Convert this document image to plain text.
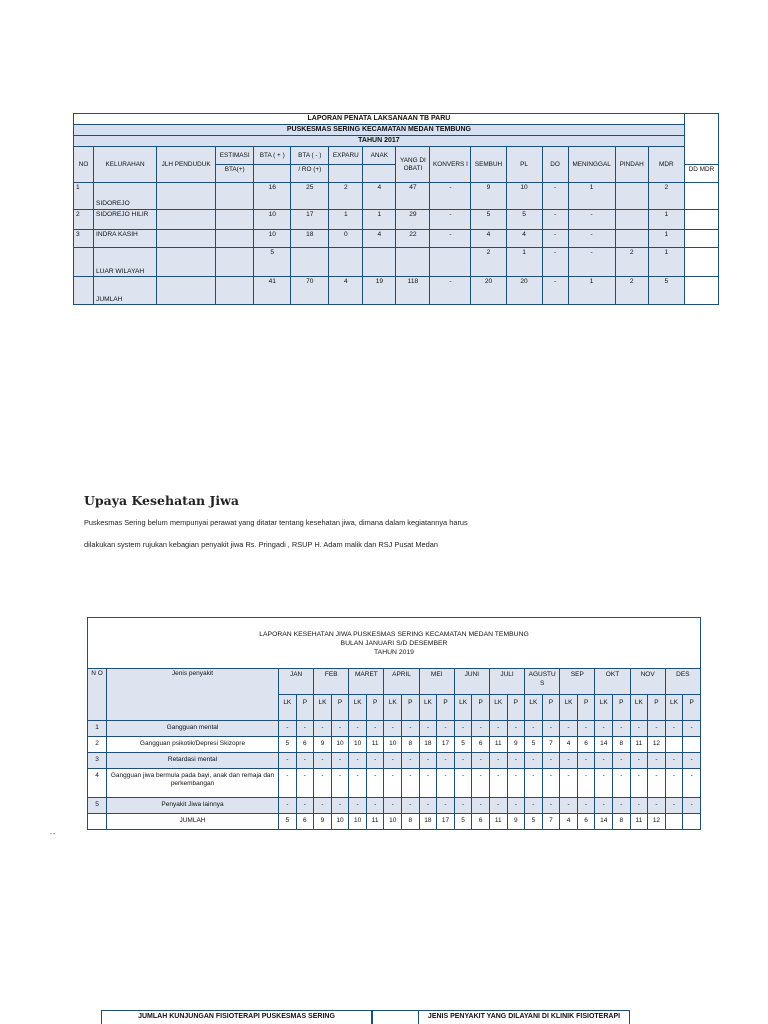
LAPORAN PENATA LAKSANAAN TB PARU																
PUSKESMAS SERING KECAMATAN MEDAN TEMBUNG																
TAHUN 2017																
NO	KELURAHAN	JLH PENDUDUK	ESTIMASI	BTA ( + )	BTA ( - )	EXPARU	ANAK	YANG DI OBATI	KONVERS I	SEMBUH	PL	DO	MENINGGAL	PINDAH	MDR	
			BTA(+)		/ RO (+)											DD MDR
1	SIDOREJO			16	25	2	4	47	-	9	10	-	1		2	
2	SIDOREJO HILIR			10	17	1	1	29	-	5	5	-	-		1	
3	INDRA KASIH			10	18	0	4	22	-	4	4	-	-		1	
	LUAR WILAYAH			5						2	1	-	-	2	1	
	JUMLAH			41	70	4	19	118	-	20	20	-	1	2	5	
Upaya Kesehatan Jiwa
Puskesmas Sering belum mempunyai perawat yang ditatar tentang kesehatan jiwa, dimana dalam kegiatannya harus
dilakukan system rujukan kebagian penyakit jiwa Rs. Pringadi , RSUP H. Adam malik dan RSJ Pusat Medan
LAPORAN KESEHATAN JIWA PUSKESMAS SERING KECAMATAN MEDAN TEMBUNG
BULAN JANUARI S/D DESEMBER
TAHUN 2019																									

N O	Jenis penyakit	JAN		FEB		MARET		APRIL		MEI		JUNI		JULI		AGUSTU S		SEP		OKT		NOV		DES	
		LK	P	LK	P	LK	P	LK	P	LK	P	LK	P	LK	P	LK	P	LK	P	LK	P	LK	P	LK	P
1	Gangguan mental	-	-	-	-	-	-	-	-	-	-	-	-	-	-	-	-	-	-	-	-	-	-	-	-
2	Gangguan psikotik/Depresi Skizopre	5	6	9	10	10	11	10	8	18	17	5	6	11	9	5	7	4	6	14	8	11	12		
3	Retardasi mental	-	-	-	-	-	-	-	-	-	-	-	-	-	-	-	-	-	-	-	-	-	-	-	-
4	Gangguan jiwa bermula pada bayi, anak dan remaja dan perkembangan	-	-	-	-	-	-	-	-	-	-	-	-	-	-	-	-	-	-	-	-	-	-	-	-
5	Penyakit Jiwa lainnya	-	-	-	-	-	-	-	-	-	-	-	-	-	-	-	-	-	-	-	-	-	-	-	-
	JUMLAH	5	6	9	10	10	11	10	8	18	17	5	6	11	9	5	7	4	6	14	8	11	12		
" "
JUMLAH KUNJUNGAN FISIOTERAPI PUSKESMAS SERING	JENIS PENYAKIT YANG DILAYANI DI KLINIK FISIOTERAPI
